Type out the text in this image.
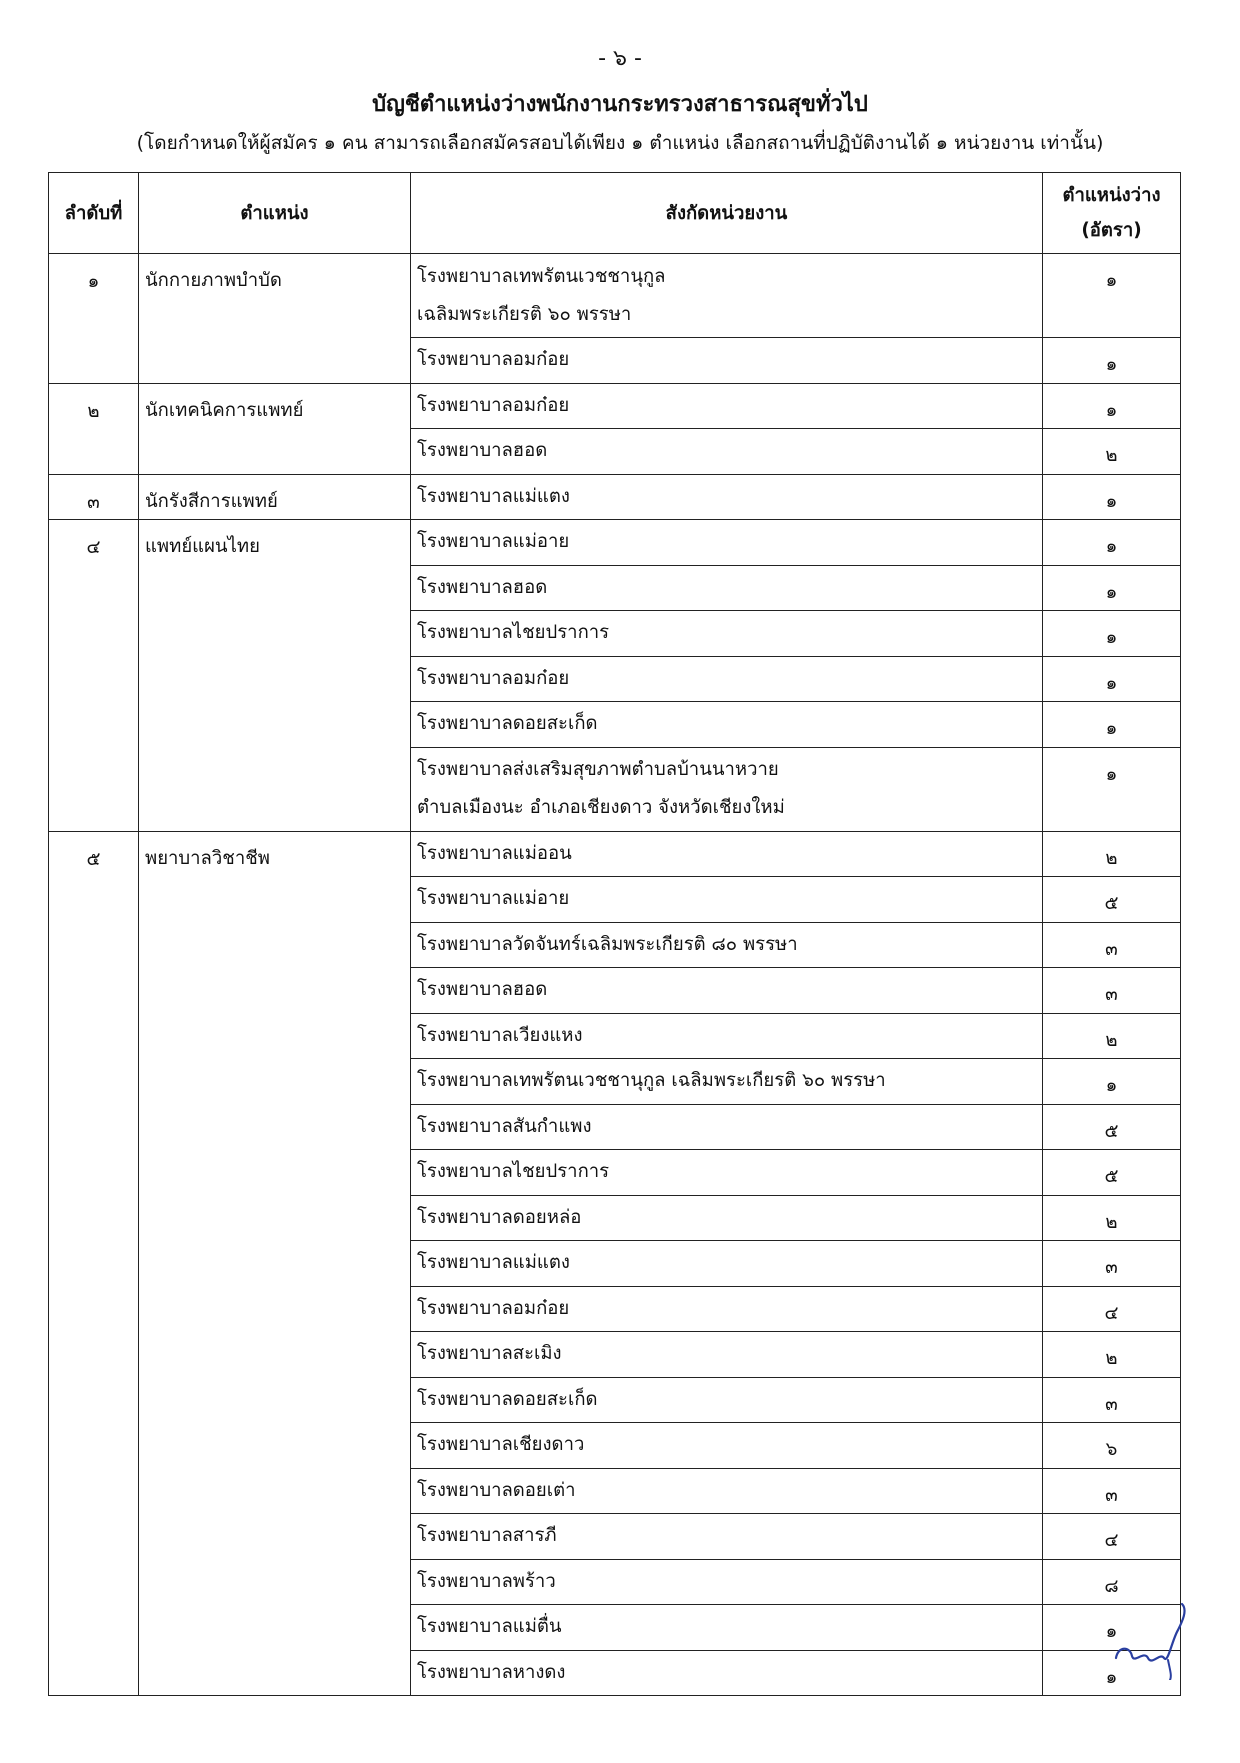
- ๖ -
บัญชีตำแหน่งว่างพนักงานกระทรวงสาธารณสุขทั่วไป
(โดยกำหนดให้ผู้สมัคร ๑ คน สามารถเลือกสมัครสอบได้เพียง ๑ ตำแหน่ง เลือกสถานที่ปฏิบัติงานได้ ๑ หน่วยงาน เท่านั้น)
ลำดับที่	ตำแหน่ง	สังกัดหน่วยงาน	ตำแหน่งว่าง
(อัตรา)

๑	นักกายภาพบำบัด	โรงพยาบาลเทพรัตนเวชชานุกูล
เฉลิมพระเกียรติ ๖๐ พรรษา	๑

		โรงพยาบาลอมก๋อย	๑
๒	นักเทคนิคการแพทย์	โรงพยาบาลอมก๋อย	๑

		โรงพยาบาลฮอด	๒
๓	นักรังสีการแพทย์	โรงพยาบาลแม่แตง	๑
๔	แพทย์แผนไทย	โรงพยาบาลแม่อาย	๑

		โรงพยาบาลฮอด	๑

		โรงพยาบาลไชยปราการ	๑

		โรงพยาบาลอมก๋อย	๑

		โรงพยาบาลดอยสะเก็ด	๑

		โรงพยาบาลส่งเสริมสุขภาพตำบลบ้านนาหวาย
ตำบลเมืองนะ อำเภอเชียงดาว จังหวัดเชียงใหม่	๑
๕	พยาบาลวิชาชีพ	โรงพยาบาลแม่ออน	๒

		โรงพยาบาลแม่อาย	๕

		โรงพยาบาลวัดจันทร์เฉลิมพระเกียรติ ๘๐ พรรษา	๓

		โรงพยาบาลฮอด	๓

		โรงพยาบาลเวียงแหง	๒

		โรงพยาบาลเทพรัตนเวชชานุกูล เฉลิมพระเกียรติ ๖๐ พรรษา	๑

		โรงพยาบาลสันกำแพง	๕

		โรงพยาบาลไชยปราการ	๕

		โรงพยาบาลดอยหล่อ	๒

		โรงพยาบาลแม่แตง	๓

		โรงพยาบาลอมก๋อย	๔

		โรงพยาบาลสะเมิง	๒

		โรงพยาบาลดอยสะเก็ด	๓

		โรงพยาบาลเชียงดาว	๖

		โรงพยาบาลดอยเต่า	๓

		โรงพยาบาลสารภี	๔

		โรงพยาบาลพร้าว	๘

		โรงพยาบาลแม่ตื่น	๑

		โรงพยาบาลหางดง	๑
